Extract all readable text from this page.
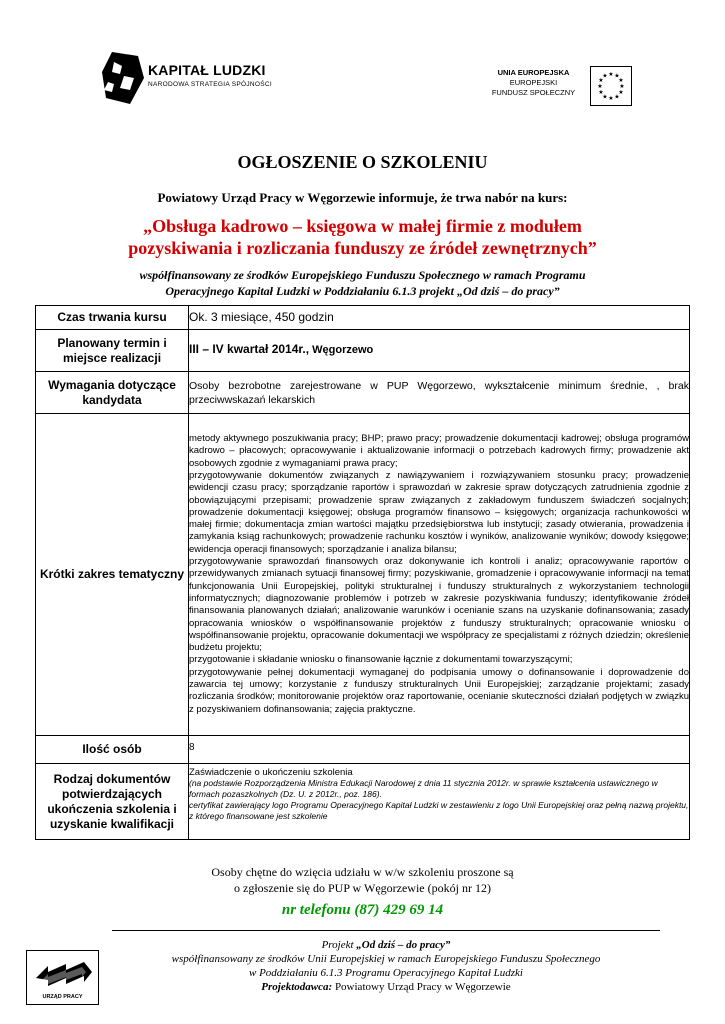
KAPITAŁ LUDZKI
NARODOWA STRATEGIA SPÓJNOŚCI
UNIA EUROPEJSKA
EUROPEJSKI
FUNDUSZ SPOŁECZNY
★ ★
★
★
★
★
★
★
★
★
★
★
OGŁOSZENIE O SZKOLENIU
Powiatowy Urząd Pracy w Węgorzewie informuje, że trwa nabór na kurs:
„Obsługa kadrowo – księgowa w małej firmie z modułem
pozyskiwania i rozliczania funduszy ze źródeł zewnętrznych”
współfinansowany ze środków Europejskiego Funduszu Społecznego w ramach Programu
Operacyjnego Kapitał Ludzki w Poddziałaniu 6.1.3 projekt „Od dziś – do pracy”
Czas trwania kursu	Ok. 3 miesiące, 450 godzin
Planowany termin i miejsce realizacji	III – IV kwartał 2014r., Węgorzewo
Wymagania dotyczące kandydata	Osoby bezrobotne zarejestrowane w PUP Węgorzewo, wykształcenie minimum średnie, , brak przeciwwskazań lekarskich
Krótki zakres tematyczny	metody aktywnego poszukiwania pracy; BHP; prawo pracy; prowadzenie dokumentacji kadrowej; obsługa programów kadrowo – płacowych; opracowywanie i aktualizowanie informacji o potrzebach kadrowych firmy; prowadzenie akt osobowych zgodnie z wymaganiami prawa pracy;
przygotowywanie dokumentów związanych z nawiązywaniem i rozwiązywaniem stosunku pracy; prowadzenie ewidencji czasu pracy; sporządzanie raportów i sprawozdań w zakresie spraw dotyczących zatrudnienia zgodnie z obowiązującymi przepisami; prowadzenie spraw związanych z zakładowym funduszem świadczeń socjalnych; prowadzenie dokumentacji księgowej; obsługa programów finansowo – księgowych; organizacja rachunkowości w małej firmie; dokumentacja zmian wartości majątku przedsiębiorstwa lub instytucji; zasady otwierania, prowadzenia i zamykania ksiąg rachunkowych; prowadzenie rachunku kosztów i wyników, analizowanie wyników; dowody księgowe; ewidencja operacji finansowych; sporządzanie i analiza bilansu;
przygotowywanie sprawozdań finansowych oraz dokonywanie ich kontroli i analiz; opracowywanie raportów o przewidywanych zmianach sytuacji finansowej firmy; pozyskiwanie, gromadzenie i opracowywanie informacji na temat funkcjonowania Unii Europejskiej, polityki strukturalnej i funduszy strukturalnych z wykorzystaniem technologii informatycznych; diagnozowanie problemów i potrzeb w zakresie pozyskiwania funduszy; identyfikowanie źródeł finansowania planowanych działań; analizowanie warunków i ocenianie szans na uzyskanie dofinansowania; zasady opracowania wniosków o współfinansowanie projektów z funduszy strukturalnych; opracowanie wniosku o współfinansowanie projektu, opracowanie dokumentacji we współpracy ze specjalistami z różnych dziedzin; określenie budżetu projektu;
przygotowanie i składanie wniosku o finansowanie łącznie z dokumentami towarzyszącymi;
przygotowywanie pełnej dokumentacji wymaganej do podpisania umowy o dofinansowanie i doprowadzenie do zawarcia tej umowy; korzystanie z funduszy strukturalnych Unii Europejskiej; zarządzanie projektami; zasady rozliczania środków; monitorowanie projektów oraz raportowanie, ocenianie skuteczności działań podjętych w związku z pozyskiwaniem dofinansowania; zajęcia praktyczne.

Ilość osób	8
Rodzaj dokumentów potwierdzających ukończenia szkolenia i uzyskanie kwalifikacji	Zaświadczenie o ukończeniu szkolenia
(na podstawie Rozporządzenia Ministra Edukacji Narodowej z dnia 11 stycznia 2012r. w sprawie kształcenia ustawicznego w formach pozaszkolnych (Dz. U. z 2012r., poz. 186).
certyfikat zawierający logo Programu Operacyjnego Kapitał Ludzki w zestawieniu z logo Unii Europejskiej oraz pełną nazwą projektu, z którego finansowane jest szkolenie
Osoby chętne do wzięcia udziału w w/w szkoleniu proszone są
o zgłoszenie się do PUP w Węgorzewie (pokój nr 12)
nr telefonu (87) 429 69 14
Projekt „Od dziś – do pracy”
współfinansowany ze środków Unii Europejskiej w ramach Europejskiego Funduszu Społecznego
w Poddziałaniu 6.1.3 Programu Operacyjnego Kapitał Ludzki
Projektodawca: Powiatowy Urząd Pracy w Węgorzewie
URZĄD PRACY
